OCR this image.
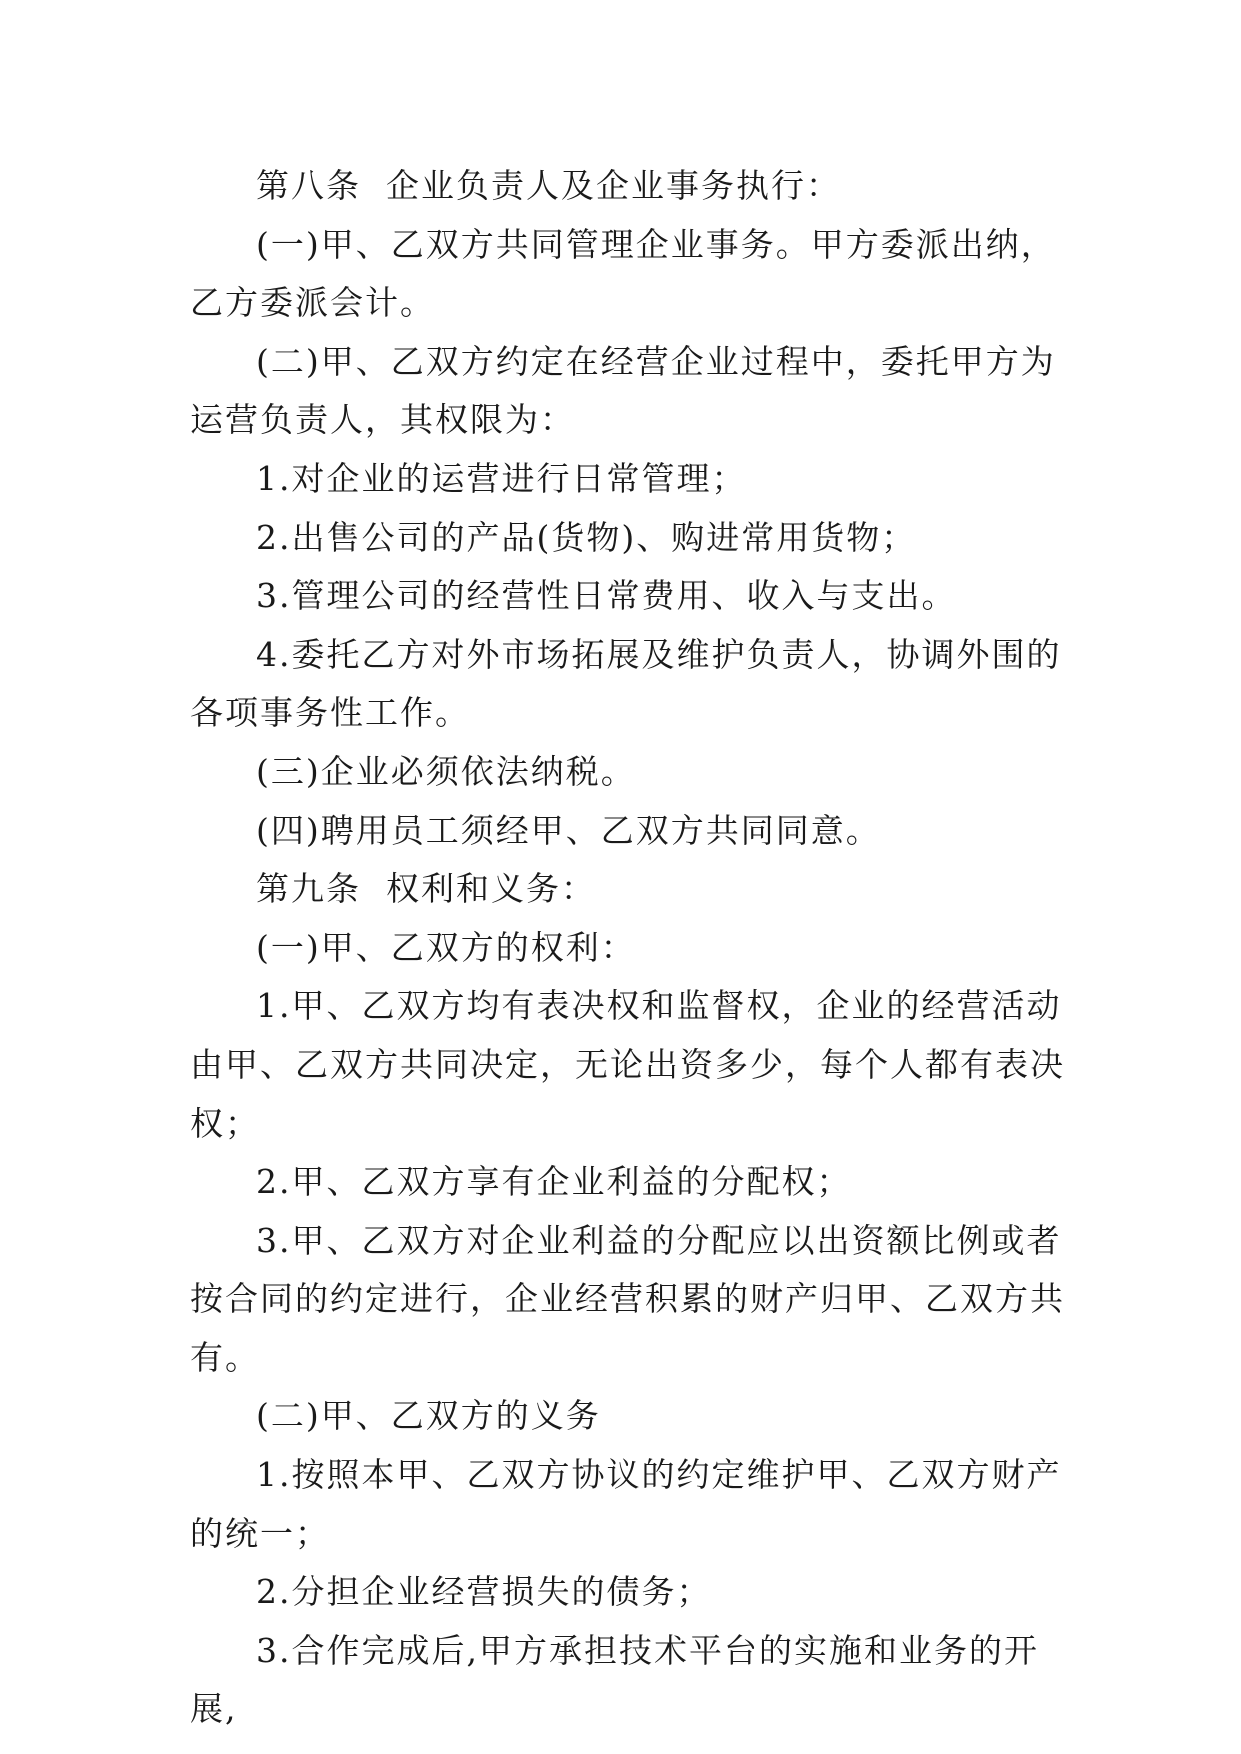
第八条  企业负责人及企业事务执行：

(一)甲、乙双方共同管理企业事务。甲方委派出纳，乙方委派会计。

(二)甲、乙双方约定在经营企业过程中，委托甲方为运营负责人，其权限为：

1.对企业的运营进行日常管理；

2.出售公司的产品(货物)、购进常用货物；

3.管理公司的经营性日常费用、收入与支出。

4.委托乙方对外市场拓展及维护负责人，协调外围的各项事务性工作。

(三)企业必须依法纳税。

(四)聘用员工须经甲、乙双方共同同意。

第九条  权利和义务：

(一)甲、乙双方的权利：

1.甲、乙双方均有表决权和监督权，企业的经营活动由甲、乙双方共同决定，无论出资多少，每个人都有表决权；

2.甲、乙双方享有企业利益的分配权；

3.甲、乙双方对企业利益的分配应以出资额比例或者按合同的约定进行，企业经营积累的财产归甲、乙双方共有。

(二)甲、乙双方的义务

1.按照本甲、乙双方协议的约定维护甲、乙双方财产的统一；

2.分担企业经营损失的债务；

3.合作完成后,甲方承担技术平台的实施和业务的开展,
